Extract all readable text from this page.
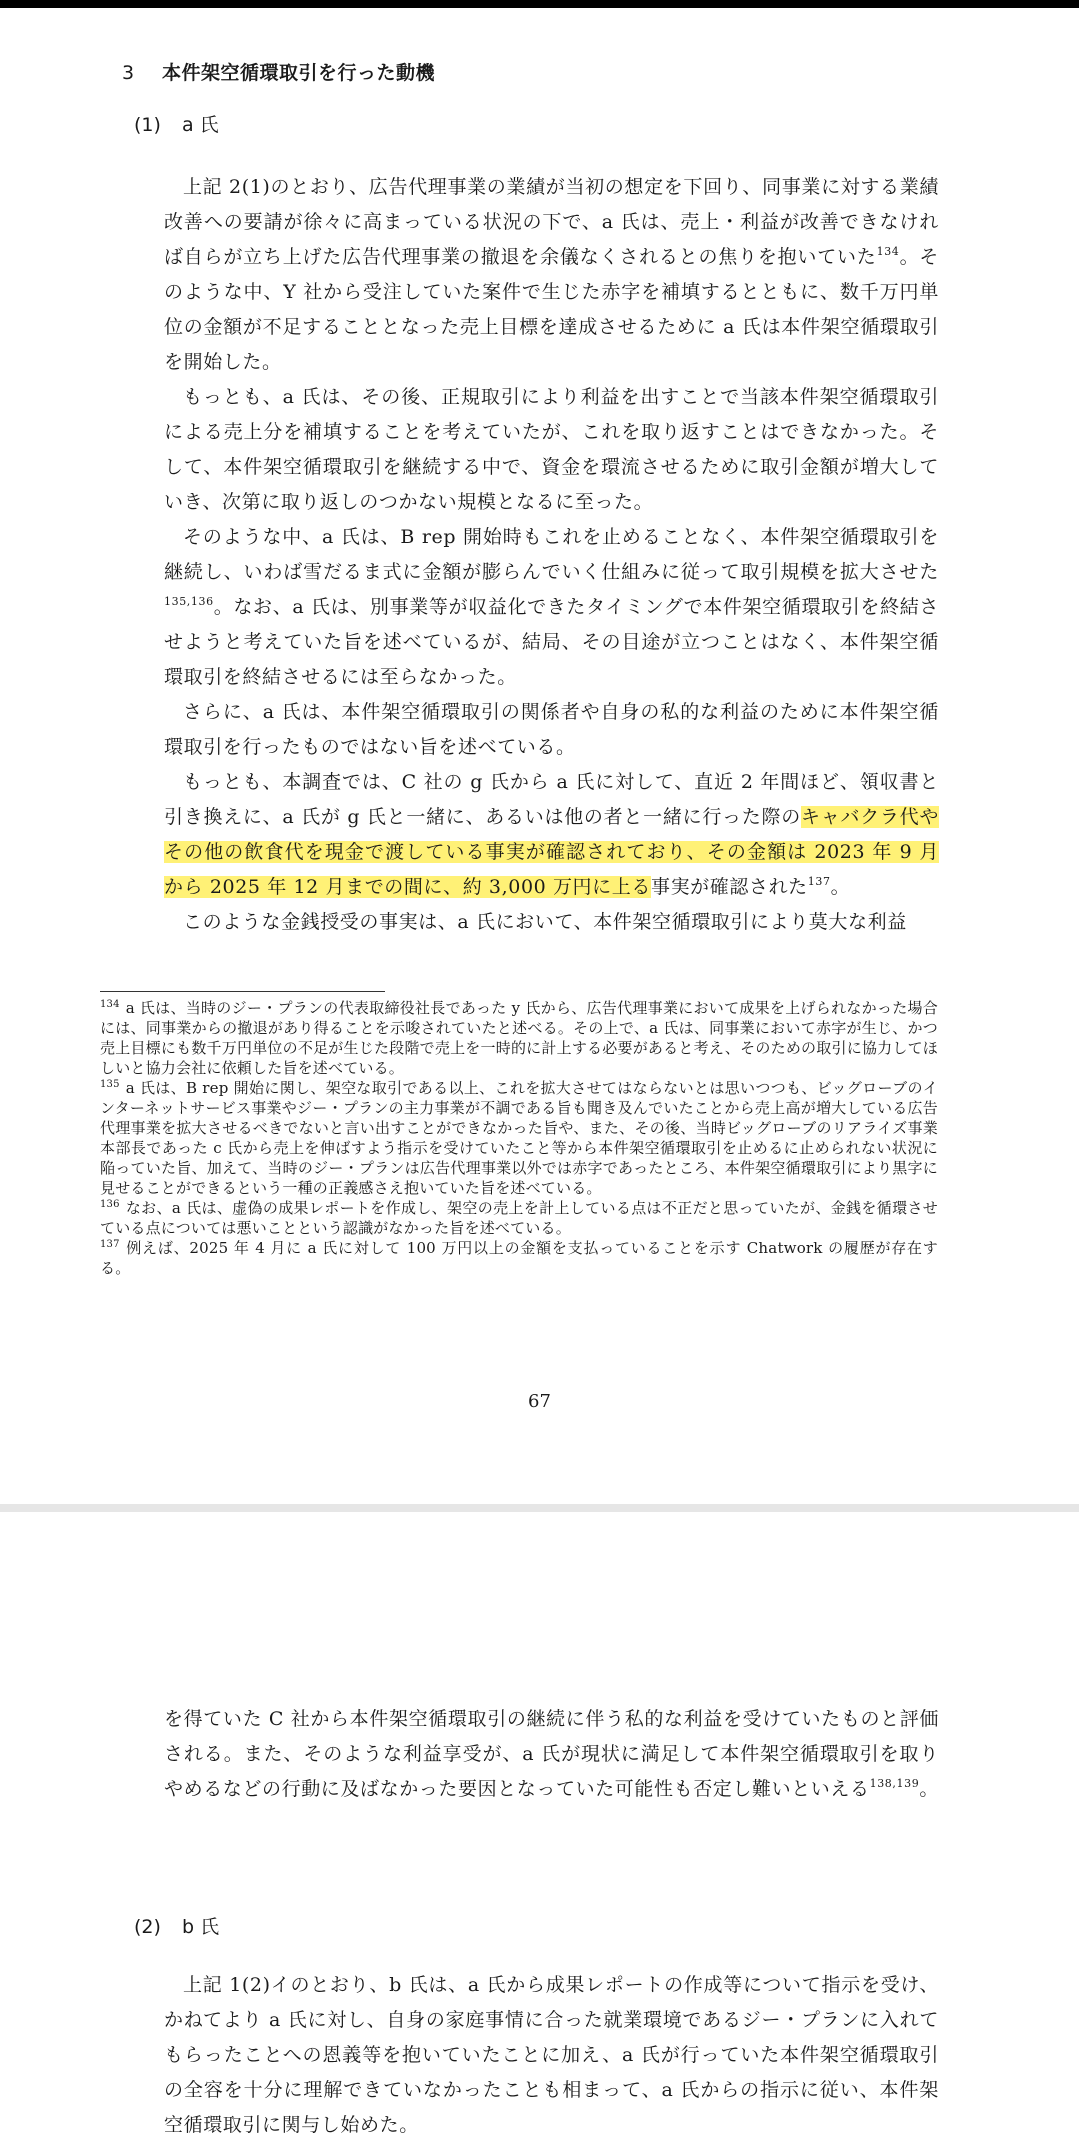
3 本件架空循環取引を行った動機
(1) a 氏

上記 2(1)のとおり、広告代理事業の業績が当初の想定を下回り、同事業に対する業績改善への要請が徐々に高まっている状況の下で、a 氏は、売上・利益が改善できなければ自らが立ち上げた広告代理事業の撤退を余儀なくされるとの焦りを抱いていた$^{134}$。そのような中、Y 社から受注していた案件で生じた赤字を補填するとともに、数千万円単位の金額が不足することとなった売上目標を達成させるために a 氏は本件架空循環取引を開始した。

もっとも、a 氏は、その後、正規取引により利益を出すことで当該本件架空循環取引による売上分を補填することを考えていたが、これを取り返すことはできなかった。そして、本件架空循環取引を継続する中で、資金を環流させるために取引金額が増大していき、次第に取り返しのつかない規模となるに至った。

そのような中、a 氏は、B rep 開始時もこれを止めることなく、本件架空循環取引を継続し、いわば雪だるま式に金額が膨らんでいく仕組みに従って取引規模を拡大させた$^{135,136}$。なお、a 氏は、別事業等が収益化できたタイミングで本件架空循環取引を終結させようと考えていた旨を述べているが、結局、その目途が立つことはなく、本件架空循環取引を終結させるには至らなかった。

さらに、a 氏は、本件架空循環取引の関係者や自身の私的な利益のために本件架空循環取引を行ったものではない旨を述べている。

もっとも、本調査では、C 社の g 氏から a 氏に対して、直近 2 年間ほど、領収書と引き換えに、a 氏が g 氏と一緒に、あるいは他の者と一緒に行った際のキャバクラ代やその他の飲食代を現金で渡している事実が確認されており、その金額は 2023 年 9 月から 2025 年 12 月までの間に、約 3,000 万円に上る事実が確認された$^{137}$。

このような金銭授受の事実は、a 氏において、本件架空循環取引により莫大な利益

$^{134}$ a 氏は、当時のジー・プランの代表取締役社長であった y 氏から、広告代理事業において成果を上げられなかった場合には、同事業からの撤退があり得ることを示唆されていたと述べる。その上で、a 氏は、同事業において赤字が生じ、かつ売上目標にも数千万円単位の不足が生じた段階で売上を一時的に計上する必要があると考え、そのための取引に協力してほしいと協力会社に依頼した旨を述べている。

$^{135}$ a 氏は、B rep 開始に関し、架空な取引である以上、これを拡大させてはならないとは思いつつも、ビッグローブのインターネットサービス事業やジー・プランの主力事業が不調である旨も聞き及んでいたことから売上高が増大している広告代理事業を拡大させるべきでないと言い出すことができなかった旨や、また、その後、当時ビッグローブのリアライズ事業本部長であった c 氏から売上を伸ばすよう指示を受けていたこと等から本件架空循環取引を止めるに止められない状況に陥っていた旨、加えて、当時のジー・プランは広告代理事業以外では赤字であったところ、本件架空循環取引により黒字に見せることができるという一種の正義感さえ抱いていた旨を述べている。

$^{136}$ なお、a 氏は、虚偽の成果レポートを作成し、架空の売上を計上している点は不正だと思っていたが、金銭を循環させている点については悪いことという認識がなかった旨を述べている。

$^{137}$ 例えば、2025 年 4 月に a 氏に対して 100 万円以上の金額を支払っていることを示す Chatwork の履歴が存在する。

67

を得ていた C 社から本件架空循環取引の継続に伴う私的な利益を受けていたものと評価される。また、そのような利益享受が、a 氏が現状に満足して本件架空循環取引を取りやめるなどの行動に及ばなかった要因となっていた可能性も否定し難いといえる$^{138,139}$。

(2) b 氏

上記 1(2)イのとおり、b 氏は、a 氏から成果レポートの作成等について指示を受け、かねてより a 氏に対し、自身の家庭事情に合った就業環境であるジー・プランに入れてもらったことへの恩義等を抱いていたことに加え、a 氏が行っていた本件架空循環取引の全容を十分に理解できていなかったことも相まって、a 氏からの指示に従い、本件架空循環取引に関与し始めた。
